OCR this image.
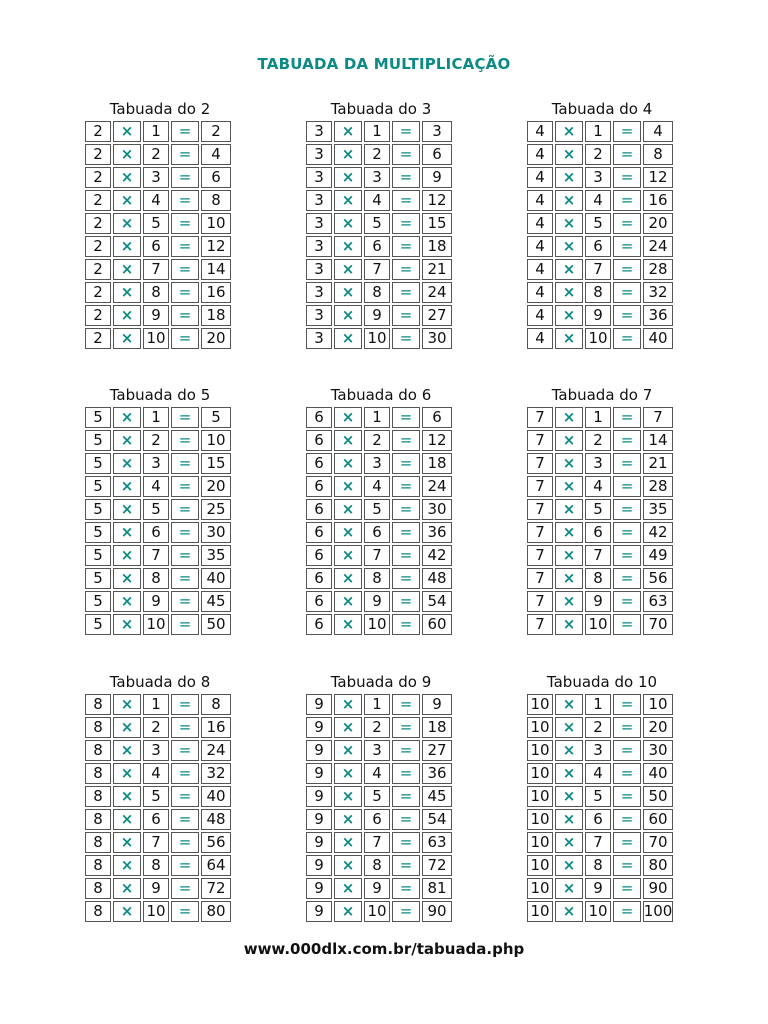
TABUADA DA MULTIPLICAÇÃO
Tabuada do 2
2	×	1	=	2
2	×	2	=	4
2	×	3	=	6
2	×	4	=	8
2	×	5	=	10
2	×	6	=	12
2	×	7	=	14
2	×	8	=	16
2	×	9	=	18
2	× 10 =	20
Tabuada do 3
3	×	1	=	3
3	×	2	=	6
3	×	3	=	9
3	×	4	=	12
3	×	5	=	15
3	×	6	=	18
3	×	7	=	21
3	×	8	=	24
3	×	9	=	27
3	× 10 =	30
Tabuada do 4
4	×	1	=	4
4	×	2	=	8
4	×	3	=	12
4	×	4	=	16
4	×	5	=	20
4	×	6	=	24
4	×	7	=	28
4	×	8	=	32
4	×	9	=	36
4	× 10 =	40
Tabuada do 5
5	×	1	=	5
5	×	2	=	10
5	×	3	=	15
5	×	4	=	20
5	×	5	=	25
5	×	6	=	30
5	×	7	=	35
5	×	8	=	40
5	×	9	=	45
5	× 10 =	50
Tabuada do 6
6	×	1	=	6
6	×	2	=	12
6	×	3	=	18
6	×	4	=	24
6	×	5	=	30
6	×	6	=	36
6	×	7	=	42
6	×	8	=	48
6	×	9	=	54
6	× 10 =	60
Tabuada do 7
7	×	1	=	7
7	×	2	=	14
7	×	3	=	21
7	×	4	=	28
7	×	5	=	35
7	×	6	=	42
7	×	7	=	49
7	×	8	=	56
7	×	9	=	63
7	× 10 =	70
Tabuada do 8
8	×	1	=	8
8	×	2	=	16
8	×	3	=	24
8	×	4	=	32
8	×	5	=	40
8	×	6	=	48
8	×	7	=	56
8	×	8	=	64
8	×	9	=	72
8	× 10 =	80
Tabuada do 9
9	×	1	=	9
9	×	2	=	18
9	×	3	=	27
9	×	4	=	36
9	×	5	=	45
9	×	6	=	54
9	×	7	=	63
9	×	8	=	72
9	×	9	=	81
9	× 10 =	90
Tabuada do 10
10 ×	1	=	10
10 ×	2	=	20
10 ×	3	=	30
10 ×	4	=	40
10 ×	5	=	50
10 ×	6	=	60
10 ×	7	=	70
10 ×	8	=	80
10 ×	9	=	90
10 × 10 = 100
www.000dlx.com.br/tabuada.php
